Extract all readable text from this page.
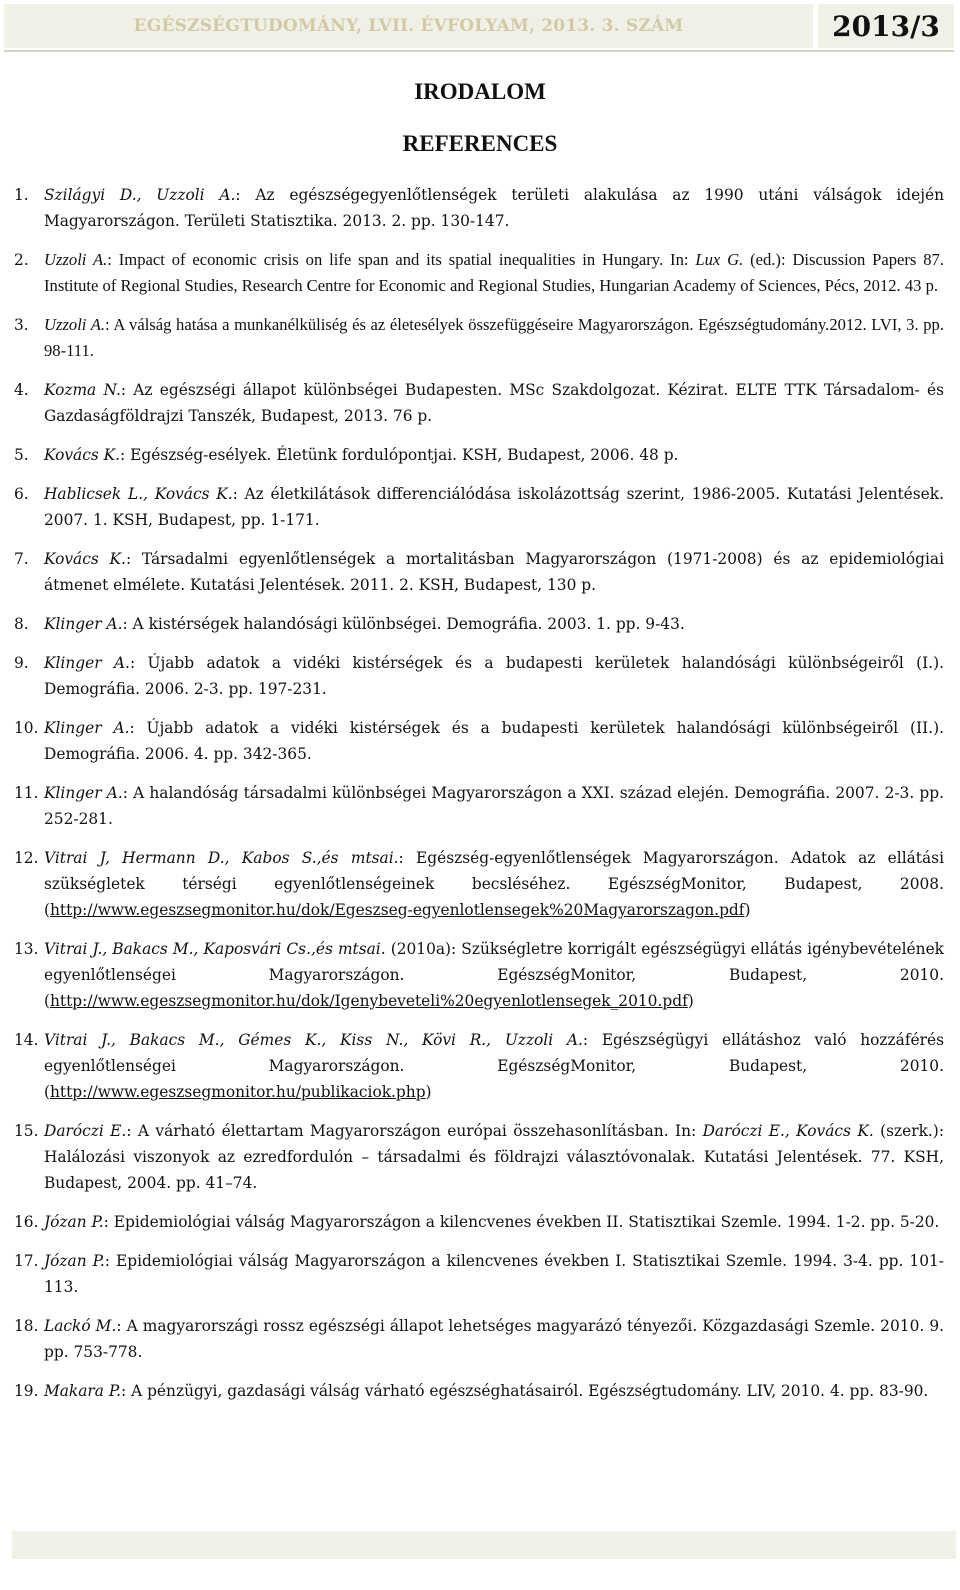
EGÉSZSÉGTUDOMÁNY, LVII. ÉVFOLYAM, 2013. 3. SZÁM	2013/3
IRODALOM
REFERENCES
1. Szilágyi D., Uzzoli A.: Az egészségegyenlőtlenségek területi alakulása az 1990 utáni válságok idején Magyarországon. Területi Statisztika. 2013. 2. pp. 130-147.
2. Uzzoli A.: Impact of economic crisis on life span and its spatial inequalities in Hungary. In: Lux G. (ed.): Discussion Papers 87. Institute of Regional Studies, Research Centre for Economic and Regional Studies, Hungarian Academy of Sciences, Pécs, 2012. 43 p.
3. Uzzoli A.: A válság hatása a munkanélküliség és az életesélyek összefüggéseire Magyarországon. Egészségtudomány.2012. LVI, 3. pp. 98-111.
4. Kozma N.: Az egészségi állapot különbségei Budapesten. MSc Szakdolgozat. Kézirat. ELTE TTK Társadalom- és Gazdaságföldrajzi Tanszék, Budapest, 2013. 76 p.
5. Kovács K.: Egészség-esélyek. Életünk fordulópontjai. KSH, Budapest, 2006. 48 p.
6. Hablicsek L., Kovács K.: Az életkilátások differenciálódása iskolázottság szerint, 1986-2005. Kutatási Jelentések. 2007. 1. KSH, Budapest, pp. 1-171.
7. Kovács K.: Társadalmi egyenlőtlenségek a mortalitásban Magyarországon (1971-2008) és az epidemiológiai átmenet elmélete. Kutatási Jelentések. 2011. 2. KSH, Budapest, 130 p.
8. Klinger A.: A kistérségek halandósági különbségei. Demográfia. 2003. 1. pp. 9-43.
9. Klinger A.: Újabb adatok a vidéki kistérségek és a budapesti kerületek halandósági különbségeiről (I.). Demográfia. 2006. 2-3. pp. 197-231.
10. Klinger A.: Újabb adatok a vidéki kistérségek és a budapesti kerületek halandósági különbségeiről (II.). Demográfia. 2006. 4. pp. 342-365.
11. Klinger A.: A halandóság társadalmi különbségei Magyarországon a XXI. század elején. Demográfia. 2007. 2-3. pp. 252-281.
12. Vitrai J, Hermann D., Kabos S.,és mtsai.: Egészség-egyenlőtlenségek Magyarországon. Adatok az ellátási szükségletek térségi egyenlőtlenségeinek becsléséhez. EgészségMonitor, Budapest, 2008. (http://www.egeszsegmonitor.hu/dok/Egeszseg-egyenlotlensegek%20Magyarorszagon.pdf)
13. Vitrai J., Bakacs M., Kaposvári Cs.,és mtsai. (2010a): Szükségletre korrigált egészségügyi ellátás igénybevételének egyenlőtlenségei Magyarországon. EgészségMonitor, Budapest, 2010. (http://www.egeszsegmonitor.hu/dok/Igenybeveteli%20egyenlotlensegek_2010.pdf)
14. Vitrai J., Bakacs M., Gémes K., Kiss N., Kövi R., Uzzoli A.: Egészségügyi ellátáshoz való hozzáférés egyenlőtlenségei Magyarországon. EgészségMonitor, Budapest, 2010. (http://www.egeszsegmonitor.hu/publikaciok.php)
15. Daróczi E.: A várható élettartam Magyarországon európai összehasonlításban. In: Daróczi E., Kovács K. (szerk.): Halálozási viszonyok az ezredfordulón – társadalmi és földrajzi választóvonalak. Kutatási Jelentések. 77. KSH, Budapest, 2004. pp. 41–74.
16. Józan P.: Epidemiológiai válság Magyarországon a kilencvenes években II. Statisztikai Szemle. 1994. 1-2. pp. 5-20.
17. Józan P.: Epidemiológiai válság Magyarországon a kilencvenes években I. Statisztikai Szemle. 1994. 3-4. pp. 101-113.
18. Lackó M.: A magyarországi rossz egészségi állapot lehetséges magyarázó tényezői. Közgazdasági Szemle. 2010. 9. pp. 753-778.
19. Makara P.: A pénzügyi, gazdasági válság várható egészséghatásairól. Egészségtudomány. LIV, 2010. 4. pp. 83-90.
